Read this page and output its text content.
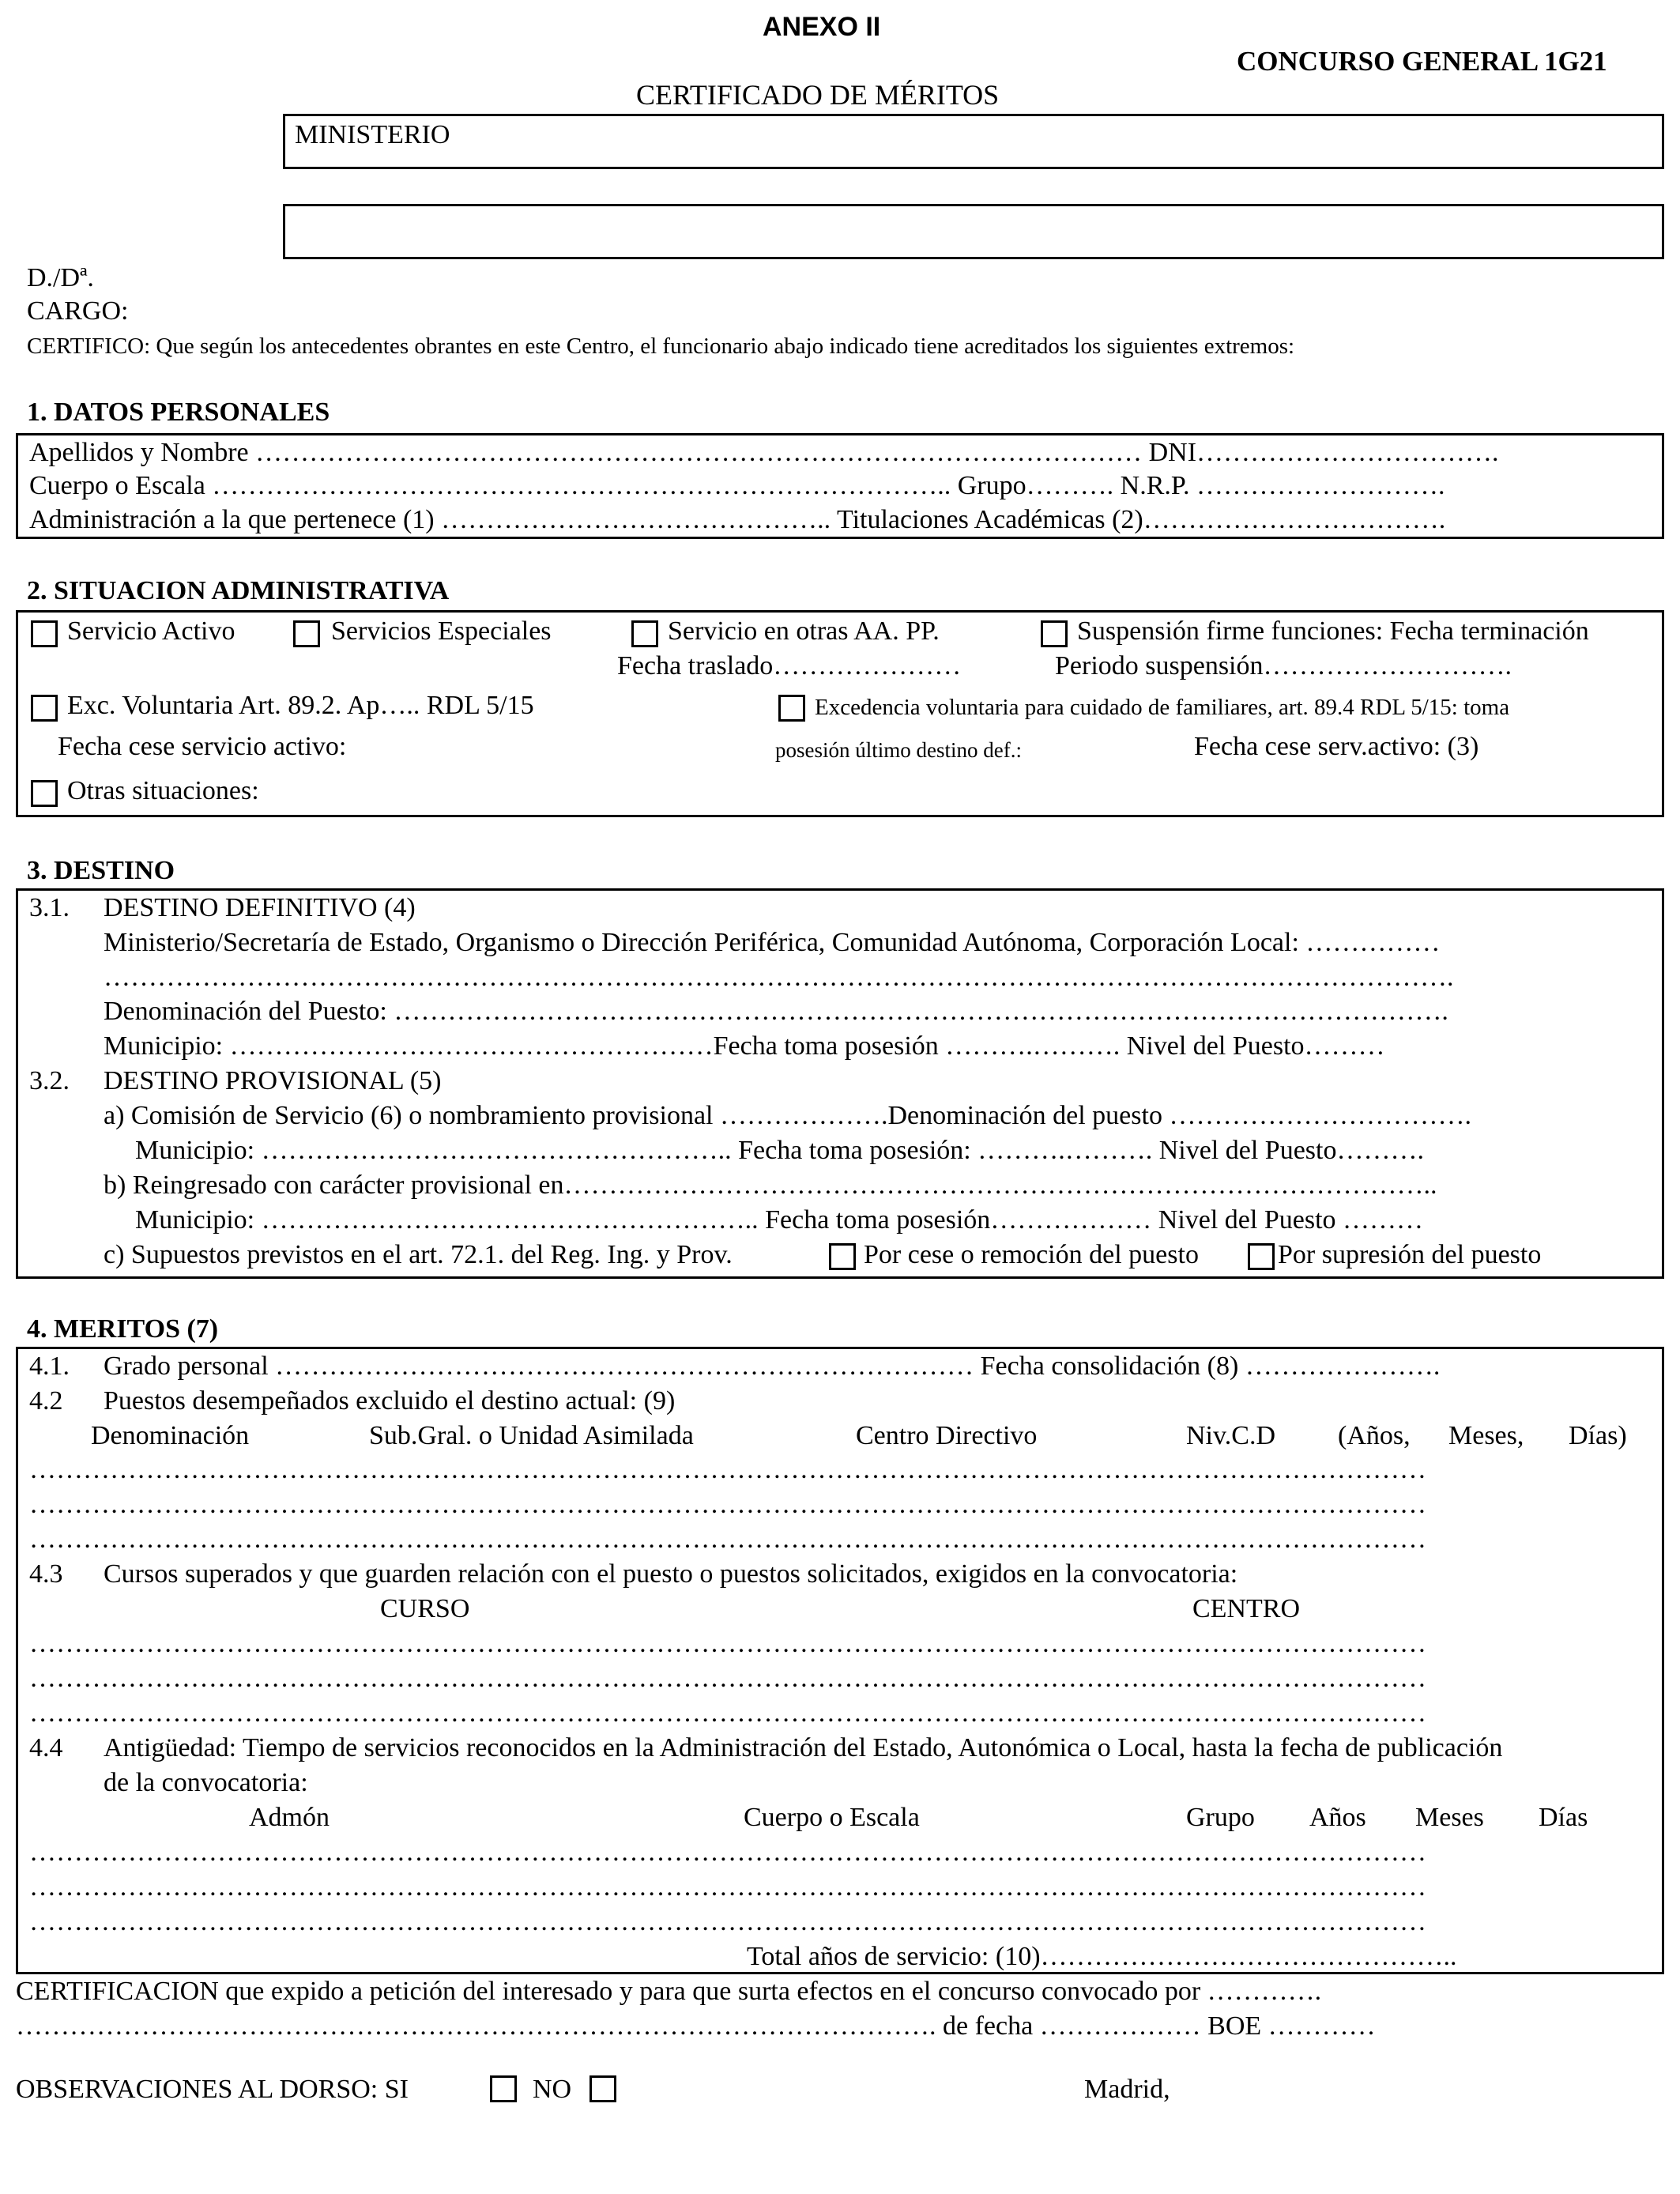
ANEXO II
CONCURSO GENERAL 1G21
CERTIFICADO DE MÉRITOS
MINISTERIO
D./Dª.
CARGO:
CERTIFICO: Que según los antecedentes obrantes en este Centro, el funcionario abajo indicado tiene acreditados los siguientes extremos:
1. DATOS PERSONALES
Apellidos y Nombre ……………………………………………………………………………………… DNI…………………………….
Cuerpo o Escala ……………………………………………………………………….. Grupo………. N.R.P. ……………………….
Administración a la que pertenece (1) …………………………………….. Titulaciones Académicas (2)…………………………….
2. SITUACION ADMINISTRATIVA
Servicio Activo	Servicios Especiales	Servicio en otras AA. PP.	Suspensión firme funciones: Fecha terminación
Fecha traslado…………………	Periodo suspensión……………………….
Exc. Voluntaria Art. 89.2. Ap….. RDL 5/15	Excedencia voluntaria para cuidado de familiares, art. 89.4 RDL 5/15: toma
Fecha cese servicio activo:	posesión último destino def.:	Fecha cese serv.activo: (3)
Otras situaciones:
3. DESTINO
3.1. DESTINO DEFINITIVO (4)
Ministerio/Secretaría de Estado, Organismo o Dirección Periférica, Comunidad Autónoma, Corporación Local: ……………
…………………………………………………………………………………………………………………………………….
Denominación del Puesto: ……………………………………………………………………………………………………….
Municipio: ………………………………………………Fecha toma posesión ……….………. Nivel del Puesto………
3.2. DESTINO PROVISIONAL (5)
a) Comisión de Servicio (6) o nombramiento provisional ……………….Denominación del puesto …………………………….
Municipio: …………………………………………….. Fecha toma posesión: ……….………. Nivel del Puesto……….
b) Reingresado con carácter provisional en……………………………………………………………………………………..
Municipio: ……………………………………………….. Fecha toma posesión……………… Nivel del Puesto ………
c) Supuestos previstos en el art. 72.1. del Reg. Ing. y Prov.	Por cese o remoción del puesto	Por supresión del puesto
4. MERITOS (7)
4.1. Grado personal …………………………………………………………………… Fecha consolidación (8) ………………….
4.2 Puestos desempeñados excluido el destino actual: (9)
Denominación	Sub.Gral. o Unidad Asimilada	Centro Directivo	Niv.C.D (Años, Meses, Días)
…………………………………………………………………………………………………………………………………………
…………………………………………………………………………………………………………………………………………
…………………………………………………………………………………………………………………………………………
4.3 Cursos superados y que guarden relación con el puesto o puestos solicitados, exigidos en la convocatoria:
CURSO	CENTRO
…………………………………………………………………………………………………………………………………………
…………………………………………………………………………………………………………………………………………
…………………………………………………………………………………………………………………………………………
4.4 Antigüedad: Tiempo de servicios reconocidos en la Administración del Estado, Autonómica o Local, hasta la fecha de publicación
de la convocatoria:
Admón	Cuerpo o Escala	Grupo Años Meses Días
…………………………………………………………………………………………………………………………………………
…………………………………………………………………………………………………………………………………………
…………………………………………………………………………………………………………………………………………
Total años de servicio: (10)………………………………………..
CERTIFICACION que expido a petición del interesado y para que surta efectos en el concurso convocado por ………….
…………………………………………………………………………………………. de fecha ……………… BOE …………
OBSERVACIONES AL DORSO: SI	NO	Madrid,
